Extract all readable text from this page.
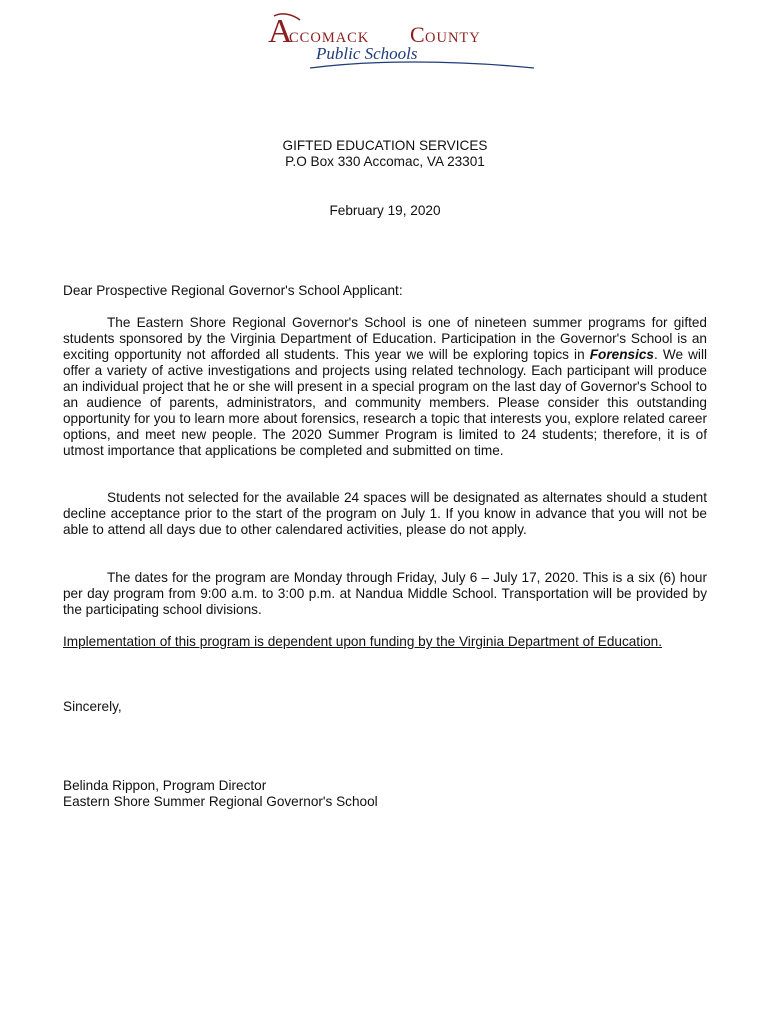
A
CCOMACK C OUNTY
Public Schools
GIFTED EDUCATION SERVICES
P.O Box 330 Accomac, VA 23301
February 19, 2020
Dear Prospective Regional Governor's School Applicant:
The Eastern Shore Regional Governor's School is one of nineteen summer programs for gifted students sponsored by the Virginia Department of Education. Participation in the Governor's School is an exciting opportunity not afforded all students. This year we will be exploring topics in Forensics. We will offer a variety of active investigations and projects using related technology. Each participant will produce an individual project that he or she will present in a special program on the last day of Governor's School to an audience of parents, administrators, and community members. Please consider this outstanding opportunity for you to learn more about forensics, research a topic that interests you, explore related career options, and meet new people. The 2020 Summer Program is limited to 24 students; therefore, it is of utmost importance that applications be completed and submitted on time.
Students not selected for the available 24 spaces will be designated as alternates should a student decline acceptance prior to the start of the program on July 1. If you know in advance that you will not be able to attend all days due to other calendared activities, please do not apply.
The dates for the program are Monday through Friday, July 6 – July 17, 2020. This is a six (6) hour per day program from 9:00 a.m. to 3:00 p.m. at Nandua Middle School. Transportation will be provided by the participating school divisions.
Implementation of this program is dependent upon funding by the Virginia Department of Education.
Sincerely,
Belinda Rippon, Program Director
Eastern Shore Summer Regional Governor's School
